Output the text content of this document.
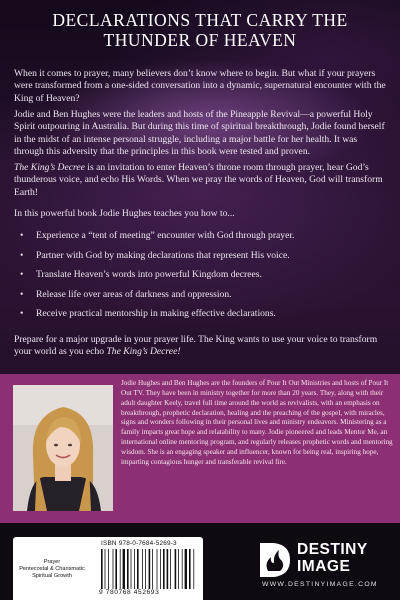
DECLARATIONS THAT CARRY THE
THUNDER OF HEAVEN

When it comes to prayer, many believers don’t know where to begin. But what if your prayers were transformed from a one-sided conversation into a dynamic, supernatural encounter with the King of Heaven?

Jodie and Ben Hughes were the leaders and hosts of the Pineapple Revival—a powerful Holy Spirit outpouring in Australia. But during this time of spiritual breakthrough, Jodie found herself in the midst of an intense personal struggle, including a major battle for her health. It was through this adversity that the principles in this book were tested and proven.

The King’s Decree is an invitation to enter Heaven’s throne room through prayer, hear God’s thunderous voice, and echo His Words. When we pray the words of Heaven, God will transform Earth!

In this powerful book Jodie Hughes teaches you how to...

• Experience a “tent of meeting” encounter with God through prayer.
• Partner with God by making declarations that represent His voice.
• Translate Heaven’s words into powerful Kingdom decrees.
• Release life over areas of darkness and oppression.
• Receive practical mentorship in making effective declarations.

Prepare for a major upgrade in your prayer life. The King wants to use your voice to transform your world as you echo The King’s Decree!

Jodie Hughes and Ben Hughes are the founders of Pour It Out Ministries and hosts of Pour It Out TV. They have been in ministry together for more than 20 years. They, along with their adult daughter Keely, travel full time around the world as revivalists, with an emphasis on breakthrough, prophetic declaration, healing and the preaching of the gospel, with miracles, signs and wonders following in their personal lives and ministry endeavors. Ministering as a family imparts great hope and relatability to many. Jodie pioneered and leads Mentor Me, an international online mentoring program, and regularly releases prophetic words and mentoring wisdom. She is an engaging speaker and influencer, known for being real, inspiring hope, imparting contagious hunger and transferable revival fire.

Prayer
Pentecostal & Charismatic
Spiritual Growth
ISBN 978-0-7684-5269-3
9 780768 452693
DESTINY
IMAGE
WWW.DESTINYIMAGE.COM
